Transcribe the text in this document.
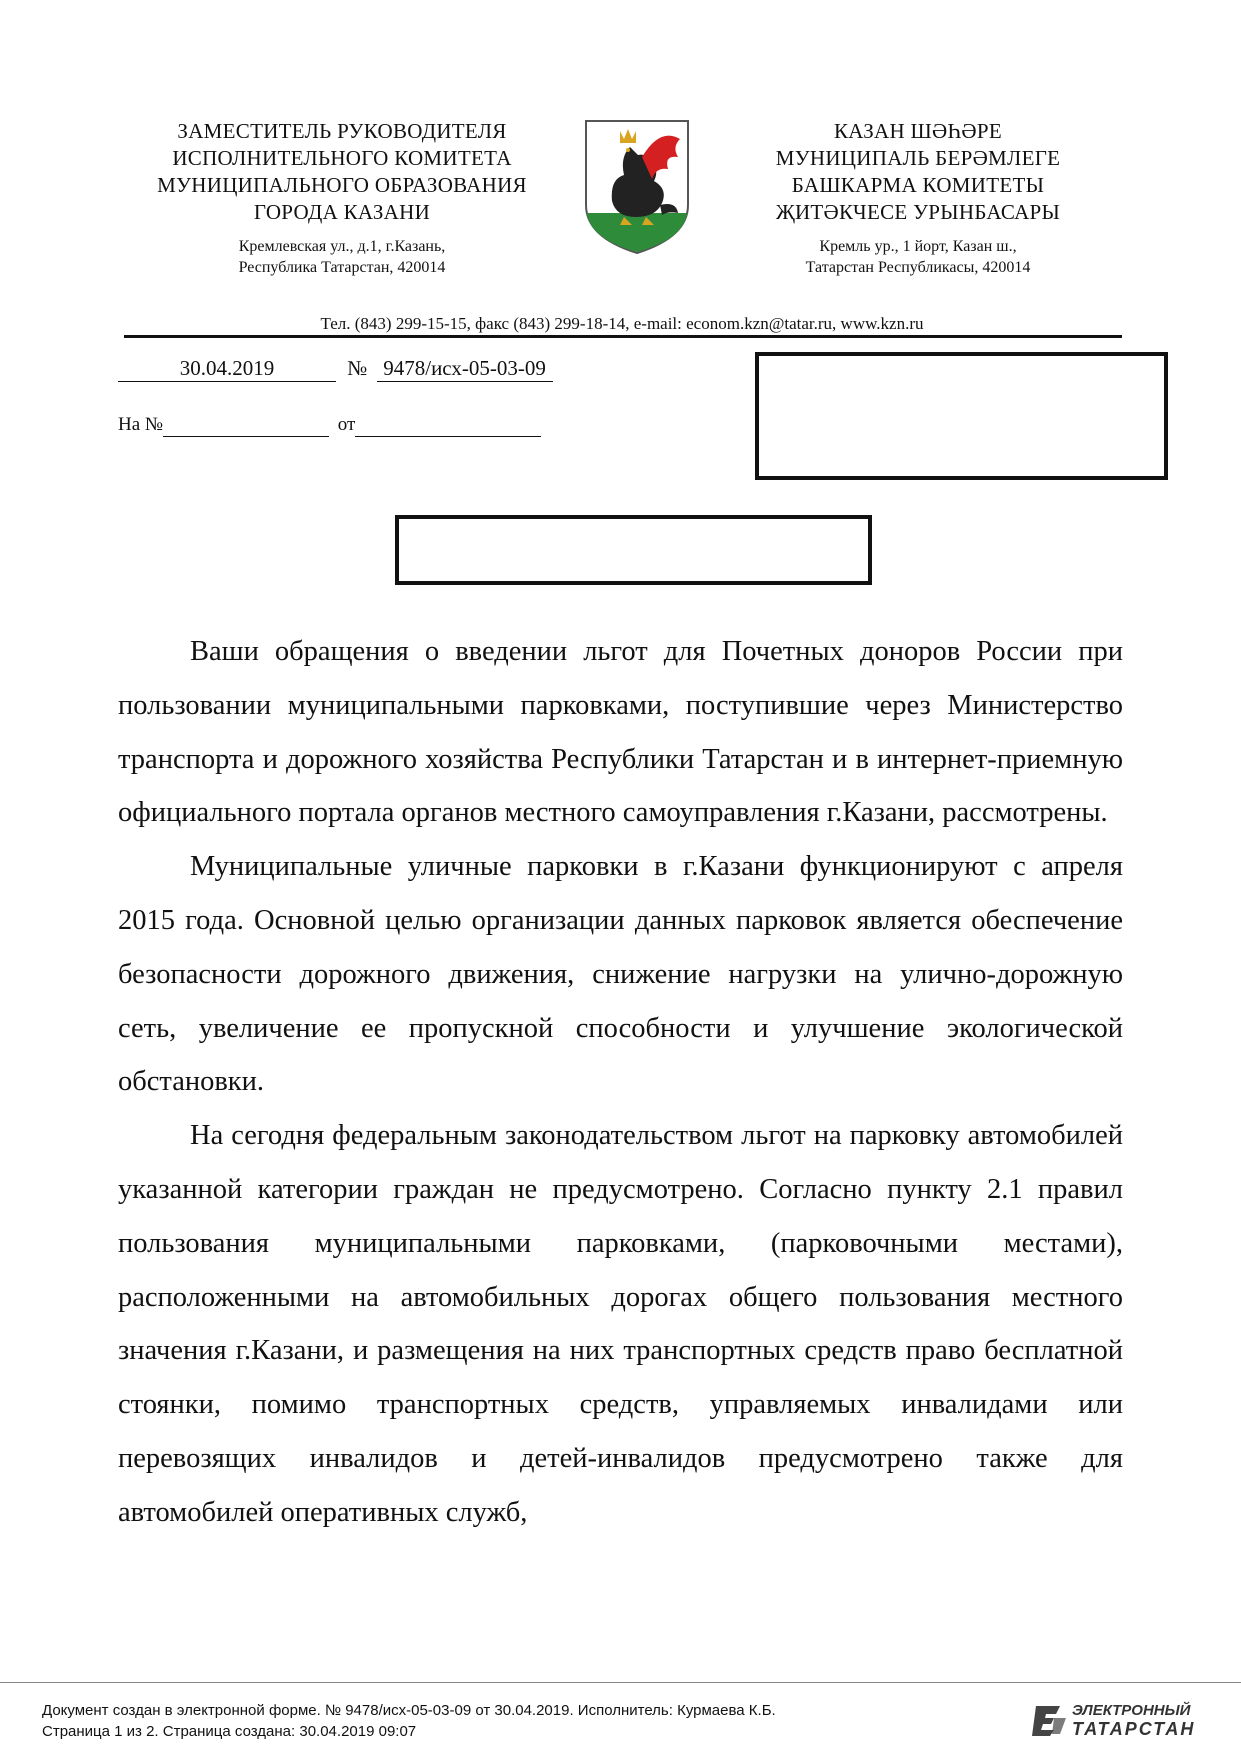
ЗАМЕСТИТЕЛЬ РУКОВОДИТЕЛЯ
ИСПОЛНИТЕЛЬНОГО КОМИТЕТА
МУНИЦИПАЛЬНОГО ОБРАЗОВАНИЯ
ГОРОДА КАЗАНИ
Кремлевская ул., д.1, г.Казань,
Республика Татарстан, 420014
КАЗАН ШӘҺӘРЕ
МУНИЦИПАЛЬ БЕРӘМЛЕГЕ
БАШКАРМА КОМИТЕТЫ
ҖИТӘКЧЕСЕ УРЫНБАСАРЫ
Кремль ур., 1 йорт, Казан ш.,
Татарстан Республикасы, 420014
Тел. (843) 299-15-15, факс (843) 299-18-14, e-mail: econom.kzn@tatar.ru, www.kzn.ru
30.04.2019	№ 9478/исх-05-03-09
На №	от

Ваши обращения о введении льгот для Почетных доноров России при пользовании муниципальными парковками, поступившие через Министерство транспорта и дорожного хозяйства Республики Татарстан и в интернет-приемную официального портала органов местного самоуправления г.Казани, рассмотрены.

Муниципальные уличные парковки в г.Казани функционируют с апреля 2015 года. Основной целью организации данных парковок является обеспечение безопасности дорожного движения, снижение нагрузки на улично-дорожную сеть, увеличение ее пропускной способности и улучшение экологической обстановки.

На сегодня федеральным законодательством льгот на парковку автомобилей указанной категории граждан не предусмотрено. Согласно пункту 2.1 правил пользования муниципальными парковками, (парковочными местами), расположенными на автомобильных дорогах общего пользования местного значения г.Казани, и размещения на них транспортных средств право бесплатной стоянки, помимо транспортных средств, управляемых инвалидами или перевозящих инвалидов и детей-инвалидов предусмотрено также для автомобилей оперативных служб,

Документ создан в электронной форме. № 9478/исх-05-03-09 от 30.04.2019. Исполнитель: Курмаева К.Б.
Страница 1 из 2. Страница создана: 30.04.2019 09:07
ЭЛЕКТРОННЫЙ
ТАТАРСТАН
